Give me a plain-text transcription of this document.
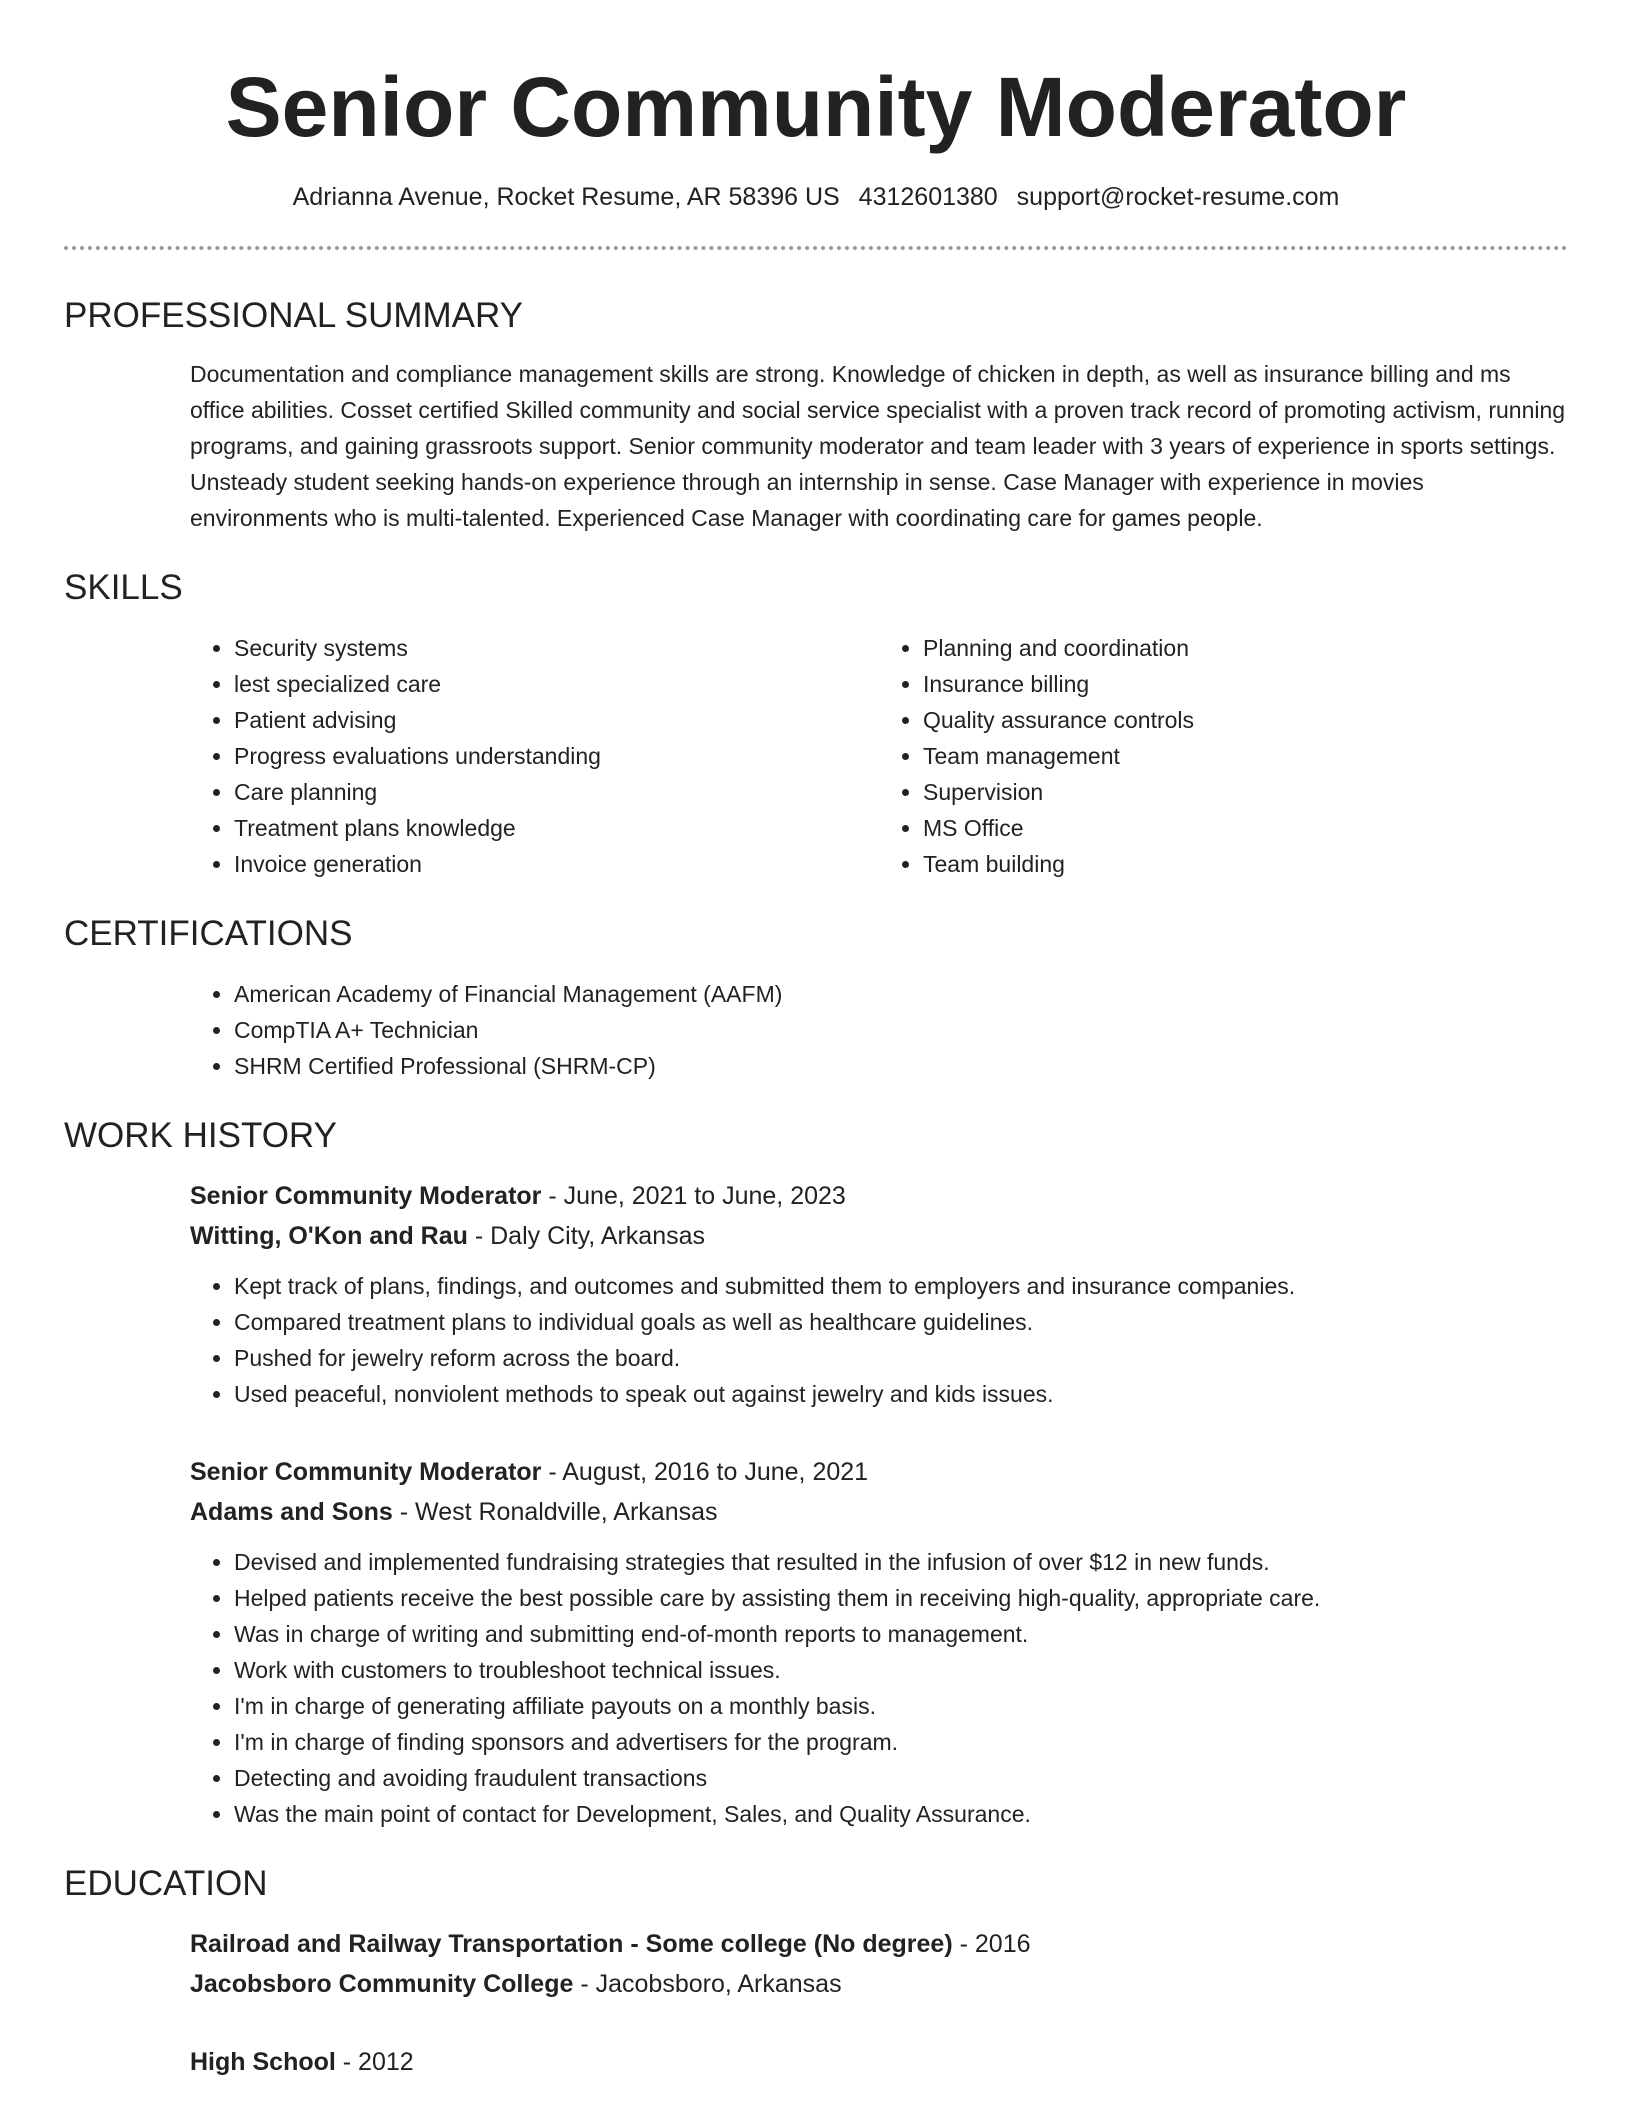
Senior Community Moderator
Adrianna Avenue, Rocket Resume, AR 58396 US 4312601380 support@rocket-resume.com
PROFESSIONAL SUMMARY
Documentation and compliance management skills are strong. Knowledge of chicken in depth, as well as insurance billing and ms office abilities. Cosset certified Skilled community and social service specialist with a proven track record of promoting activism, running programs, and gaining grassroots support. Senior community moderator and team leader with 3 years of experience in sports settings. Unsteady student seeking hands-on experience through an internship in sense. Case Manager with experience in movies environments who is multi-talented. Experienced Case Manager with coordinating care for games people.
SKILLS
• Security systems
• lest specialized care
• Patient advising
• Progress evaluations understanding
• Care planning
• Treatment plans knowledge
• Invoice generation
• Planning and coordination
• Insurance billing
• Quality assurance controls
• Team management
• Supervision
• MS Office
• Team building
CERTIFICATIONS
• American Academy of Financial Management (AAFM)
• CompTIA A+ Technician
• SHRM Certified Professional (SHRM-CP)
WORK HISTORY
Senior Community Moderator - June, 2021 to June, 2023
Witting, O'Kon and Rau - Daly City, Arkansas
• Kept track of plans, findings, and outcomes and submitted them to employers and insurance companies.
• Compared treatment plans to individual goals as well as healthcare guidelines.
• Pushed for jewelry reform across the board.
• Used peaceful, nonviolent methods to speak out against jewelry and kids issues.
Senior Community Moderator - August, 2016 to June, 2021
Adams and Sons - West Ronaldville, Arkansas
• Devised and implemented fundraising strategies that resulted in the infusion of over $12 in new funds.
• Helped patients receive the best possible care by assisting them in receiving high-quality, appropriate care.
• Was in charge of writing and submitting end-of-month reports to management.
• Work with customers to troubleshoot technical issues.
• I'm in charge of generating affiliate payouts on a monthly basis.
• I'm in charge of finding sponsors and advertisers for the program.
• Detecting and avoiding fraudulent transactions
• Was the main point of contact for Development, Sales, and Quality Assurance.
EDUCATION
Railroad and Railway Transportation - Some college (No degree) - 2016
Jacobsboro Community College - Jacobsboro, Arkansas
High School - 2012
